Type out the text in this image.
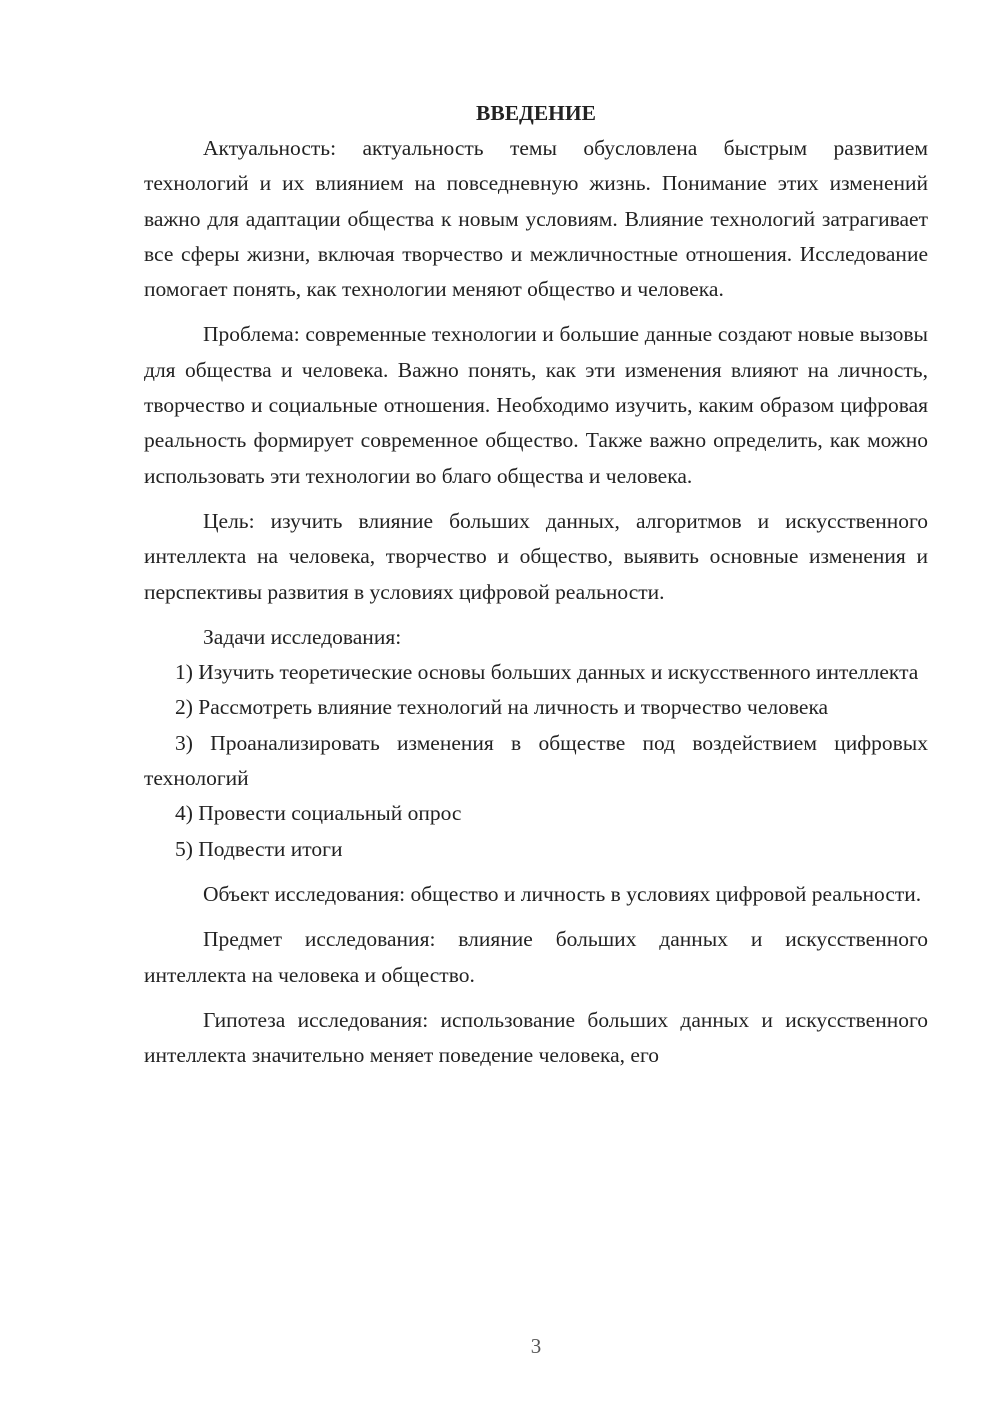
ВВЕДЕНИЕ

Актуальность: актуальность темы обусловлена быстрым развитием технологий и их влиянием на повседневную жизнь. Понимание этих изменений важно для адаптации общества к новым условиям. Влияние технологий затрагивает все сферы жизни, включая творчество и межличностные отношения. Исследование помогает понять, как технологии меняют общество и человека.

Проблема: современные технологии и большие данные создают новые вызовы для общества и человека. Важно понять, как эти изменения влияют на личность, творчество и социальные отношения. Необходимо изучить, каким образом цифровая реальность формирует современное общество. Также важно определить, как можно использовать эти технологии во благо общества и человека.

Цель: изучить влияние больших данных, алгоритмов и искусственного интеллекта на человека, творчество и общество, выявить основные изменения и перспективы развития в условиях цифровой реальности.

Задачи исследования:

1) Изучить теоретические основы больших данных и искусственного интеллекта

2) Рассмотреть влияние технологий на личность и творчество человека

3) Проанализировать изменения в обществе под воздействием цифровых технологий

4) Провести социальный опрос

5) Подвести итоги

Объект исследования: общество и личность в условиях цифровой реальности.

Предмет исследования: влияние больших данных и искусственного интеллекта на человека и общество.

Гипотеза исследования: использование больших данных и искусственного интеллекта значительно меняет поведение человека, его

3
